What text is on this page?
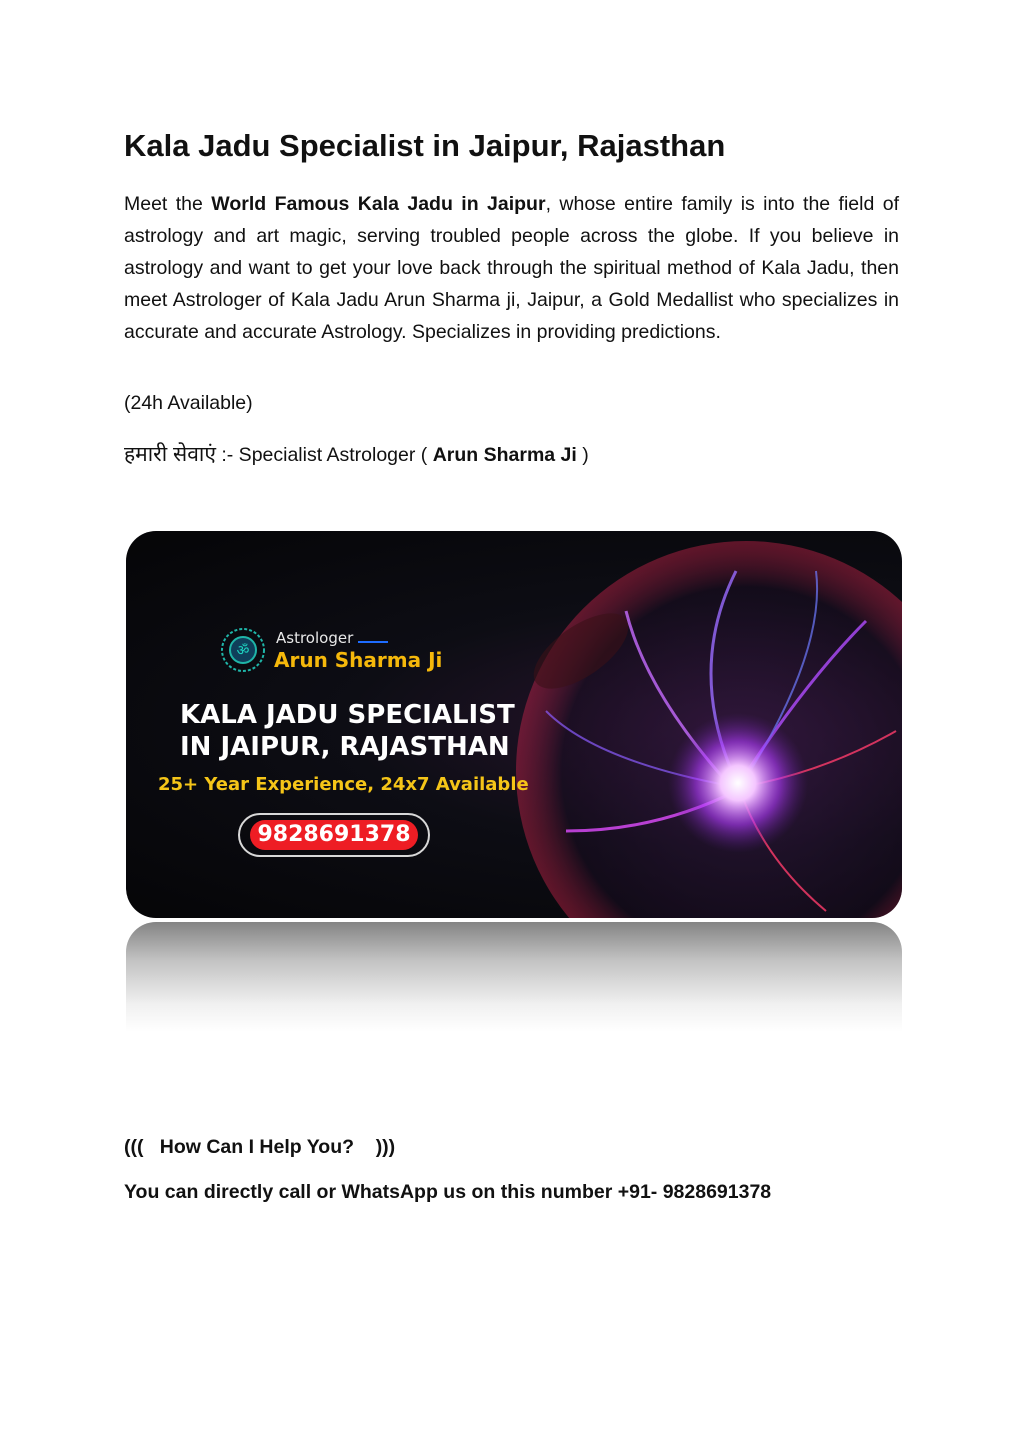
Kala Jadu Specialist in Jaipur, Rajasthan

Meet the World Famous Kala Jadu in Jaipur, whose entire family is into the field of astrology and art magic, serving troubled people across the globe. If you believe in astrology and want to get your love back through the spiritual method of Kala Jadu, then meet Astrologer of Kala Jadu Arun Sharma ji, Jaipur, a Gold Medallist who specializes in accurate and accurate Astrology. Specializes in providing predictions.

(24h Available)

हमारी सेवाएं :- Specialist Astrologer ( Arun Sharma Ji )

ॐ
Astrologer
Arun Sharma Ji

KALA JADU SPECIALIST IN JAIPUR, RAJASTHAN

25+ Year Experience, 24x7 Available
9828691378

(((   How Can I Help You?    )))

You can directly call or WhatsApp us on this number +91- 9828691378
